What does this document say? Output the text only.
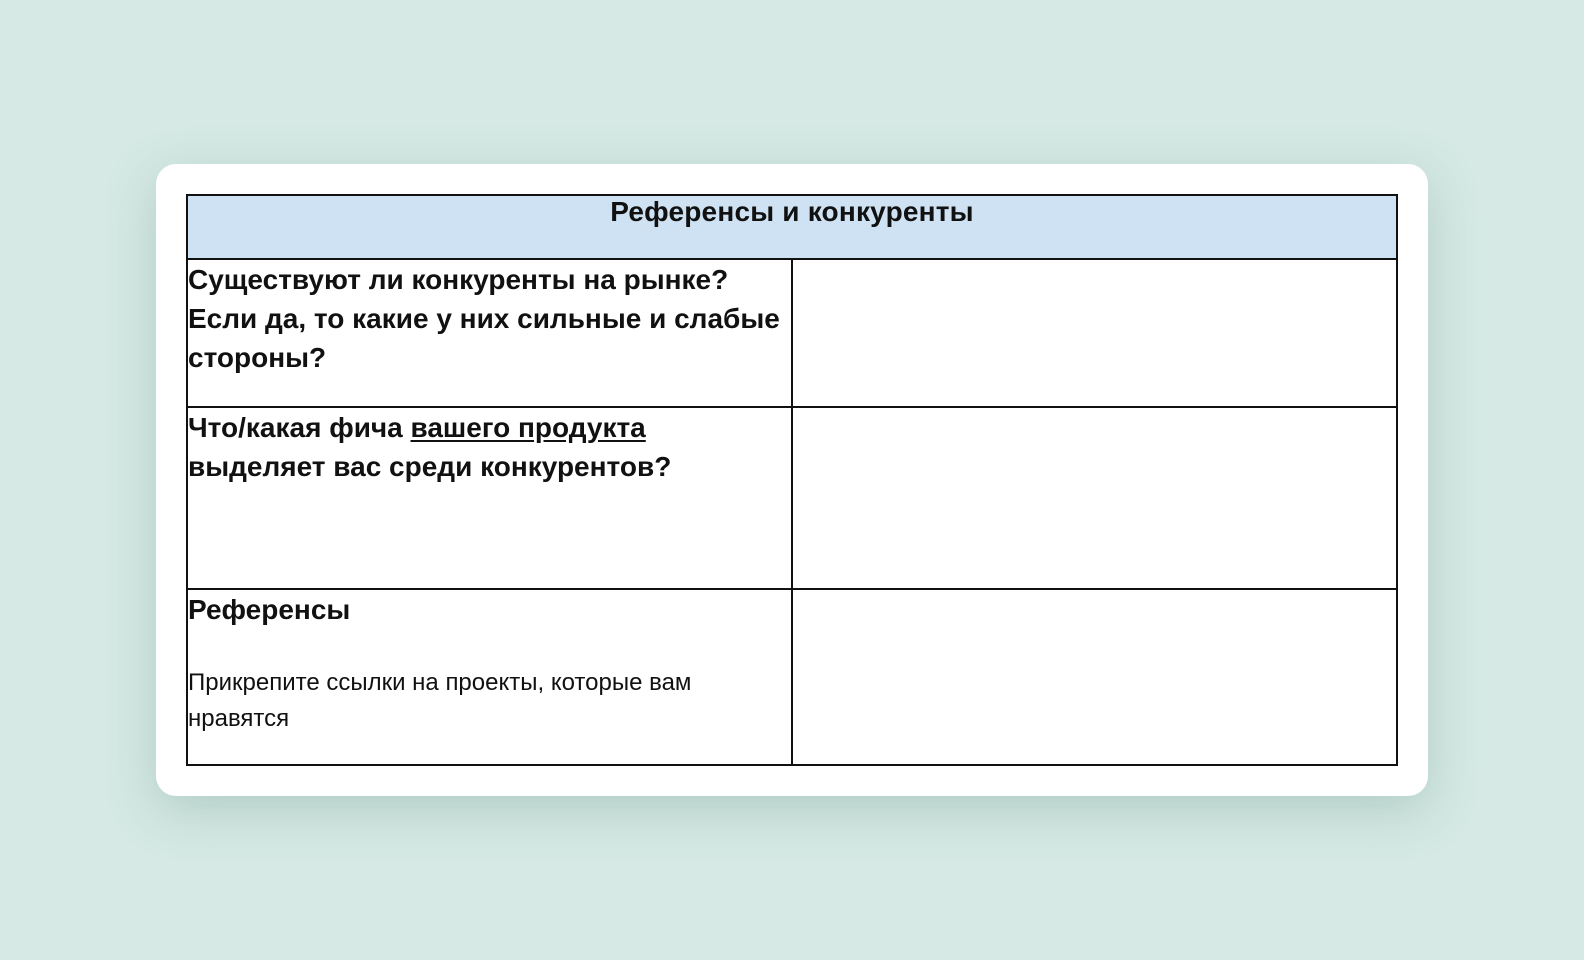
Референсы и конкуренты	

Существуют ли конкуренты на рынке? Если да, то какие у них сильные и слабые стороны?	

Что/какая фича вашего продукта выделяет вас среди конкурентов?	

Референсы
Прикрепите ссылки на проекты, которые вам нравятся	
